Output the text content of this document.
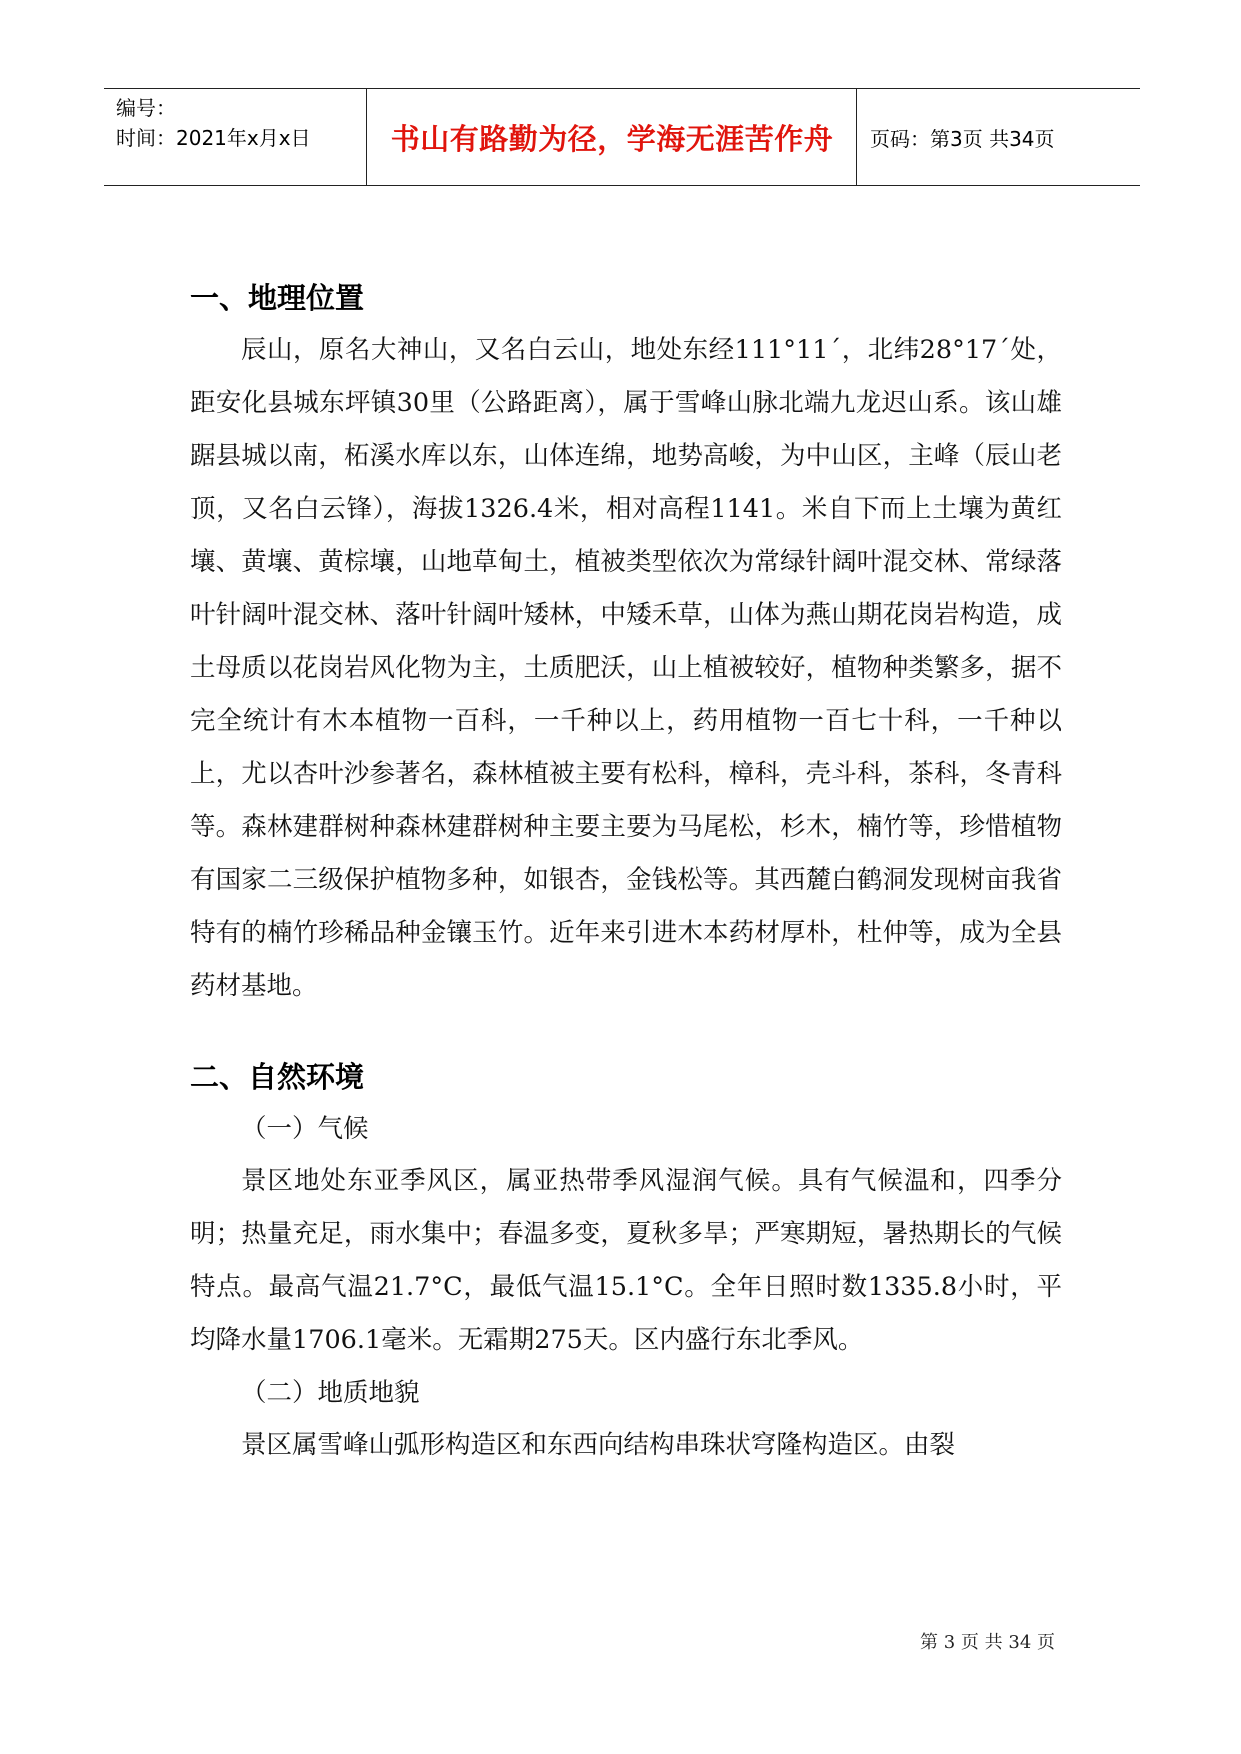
编号：
时间：2021年x月x日	书山有路勤为径，学海无涯苦作舟	页码：第3页 共34页
一、地理位置

辰山，原名大神山，又名白云山，地处东经111°11´，北纬28°17´处，距安化县城东坪镇30里（公路距离），属于雪峰山脉北端九龙迟山系。该山雄踞县城以南，柘溪水库以东，山体连绵，地势高峻，为中山区，主峰（辰山老顶，又名白云锋），海拔1326.4米，相对高程1141。米自下而上土壤为黄红壤、黄壤、黄棕壤，山地草甸土，植被类型依次为常绿针阔叶混交林、常绿落叶针阔叶混交林、落叶针阔叶矮林，中矮禾草，山体为燕山期花岗岩构造，成土母质以花岗岩风化物为主，土质肥沃，山上植被较好，植物种类繁多，据不完全统计有木本植物一百科，一千种以上，药用植物一百七十科，一千种以上，尤以杏叶沙参著名，森林植被主要有松科，樟科，壳斗科，茶科，冬青科等。森林建群树种森林建群树种主要主要为马尾松，杉木，楠竹等，珍惜植物有国家二三级保护植物多种，如银杏，金钱松等。其西麓白鹤洞发现树亩我省特有的楠竹珍稀品种金镶玉竹。近年来引进木本药材厚朴，杜仲等，成为全县药材基地。

二、自然环境

（一）气候

景区地处东亚季风区，属亚热带季风湿润气候。具有气候温和，四季分明；热量充足，雨水集中；春温多变，夏秋多旱；严寒期短，暑热期长的气候特点。最高气温21.7°C，最低气温15.1°C。全年日照时数1335.8小时，平均降水量1706.1毫米。无霜期275天。区内盛行东北季风。

（二）地质地貌

景区属雪峰山弧形构造区和东西向结构串珠状穹隆构造区。由裂

第 3 页 共 34 页
